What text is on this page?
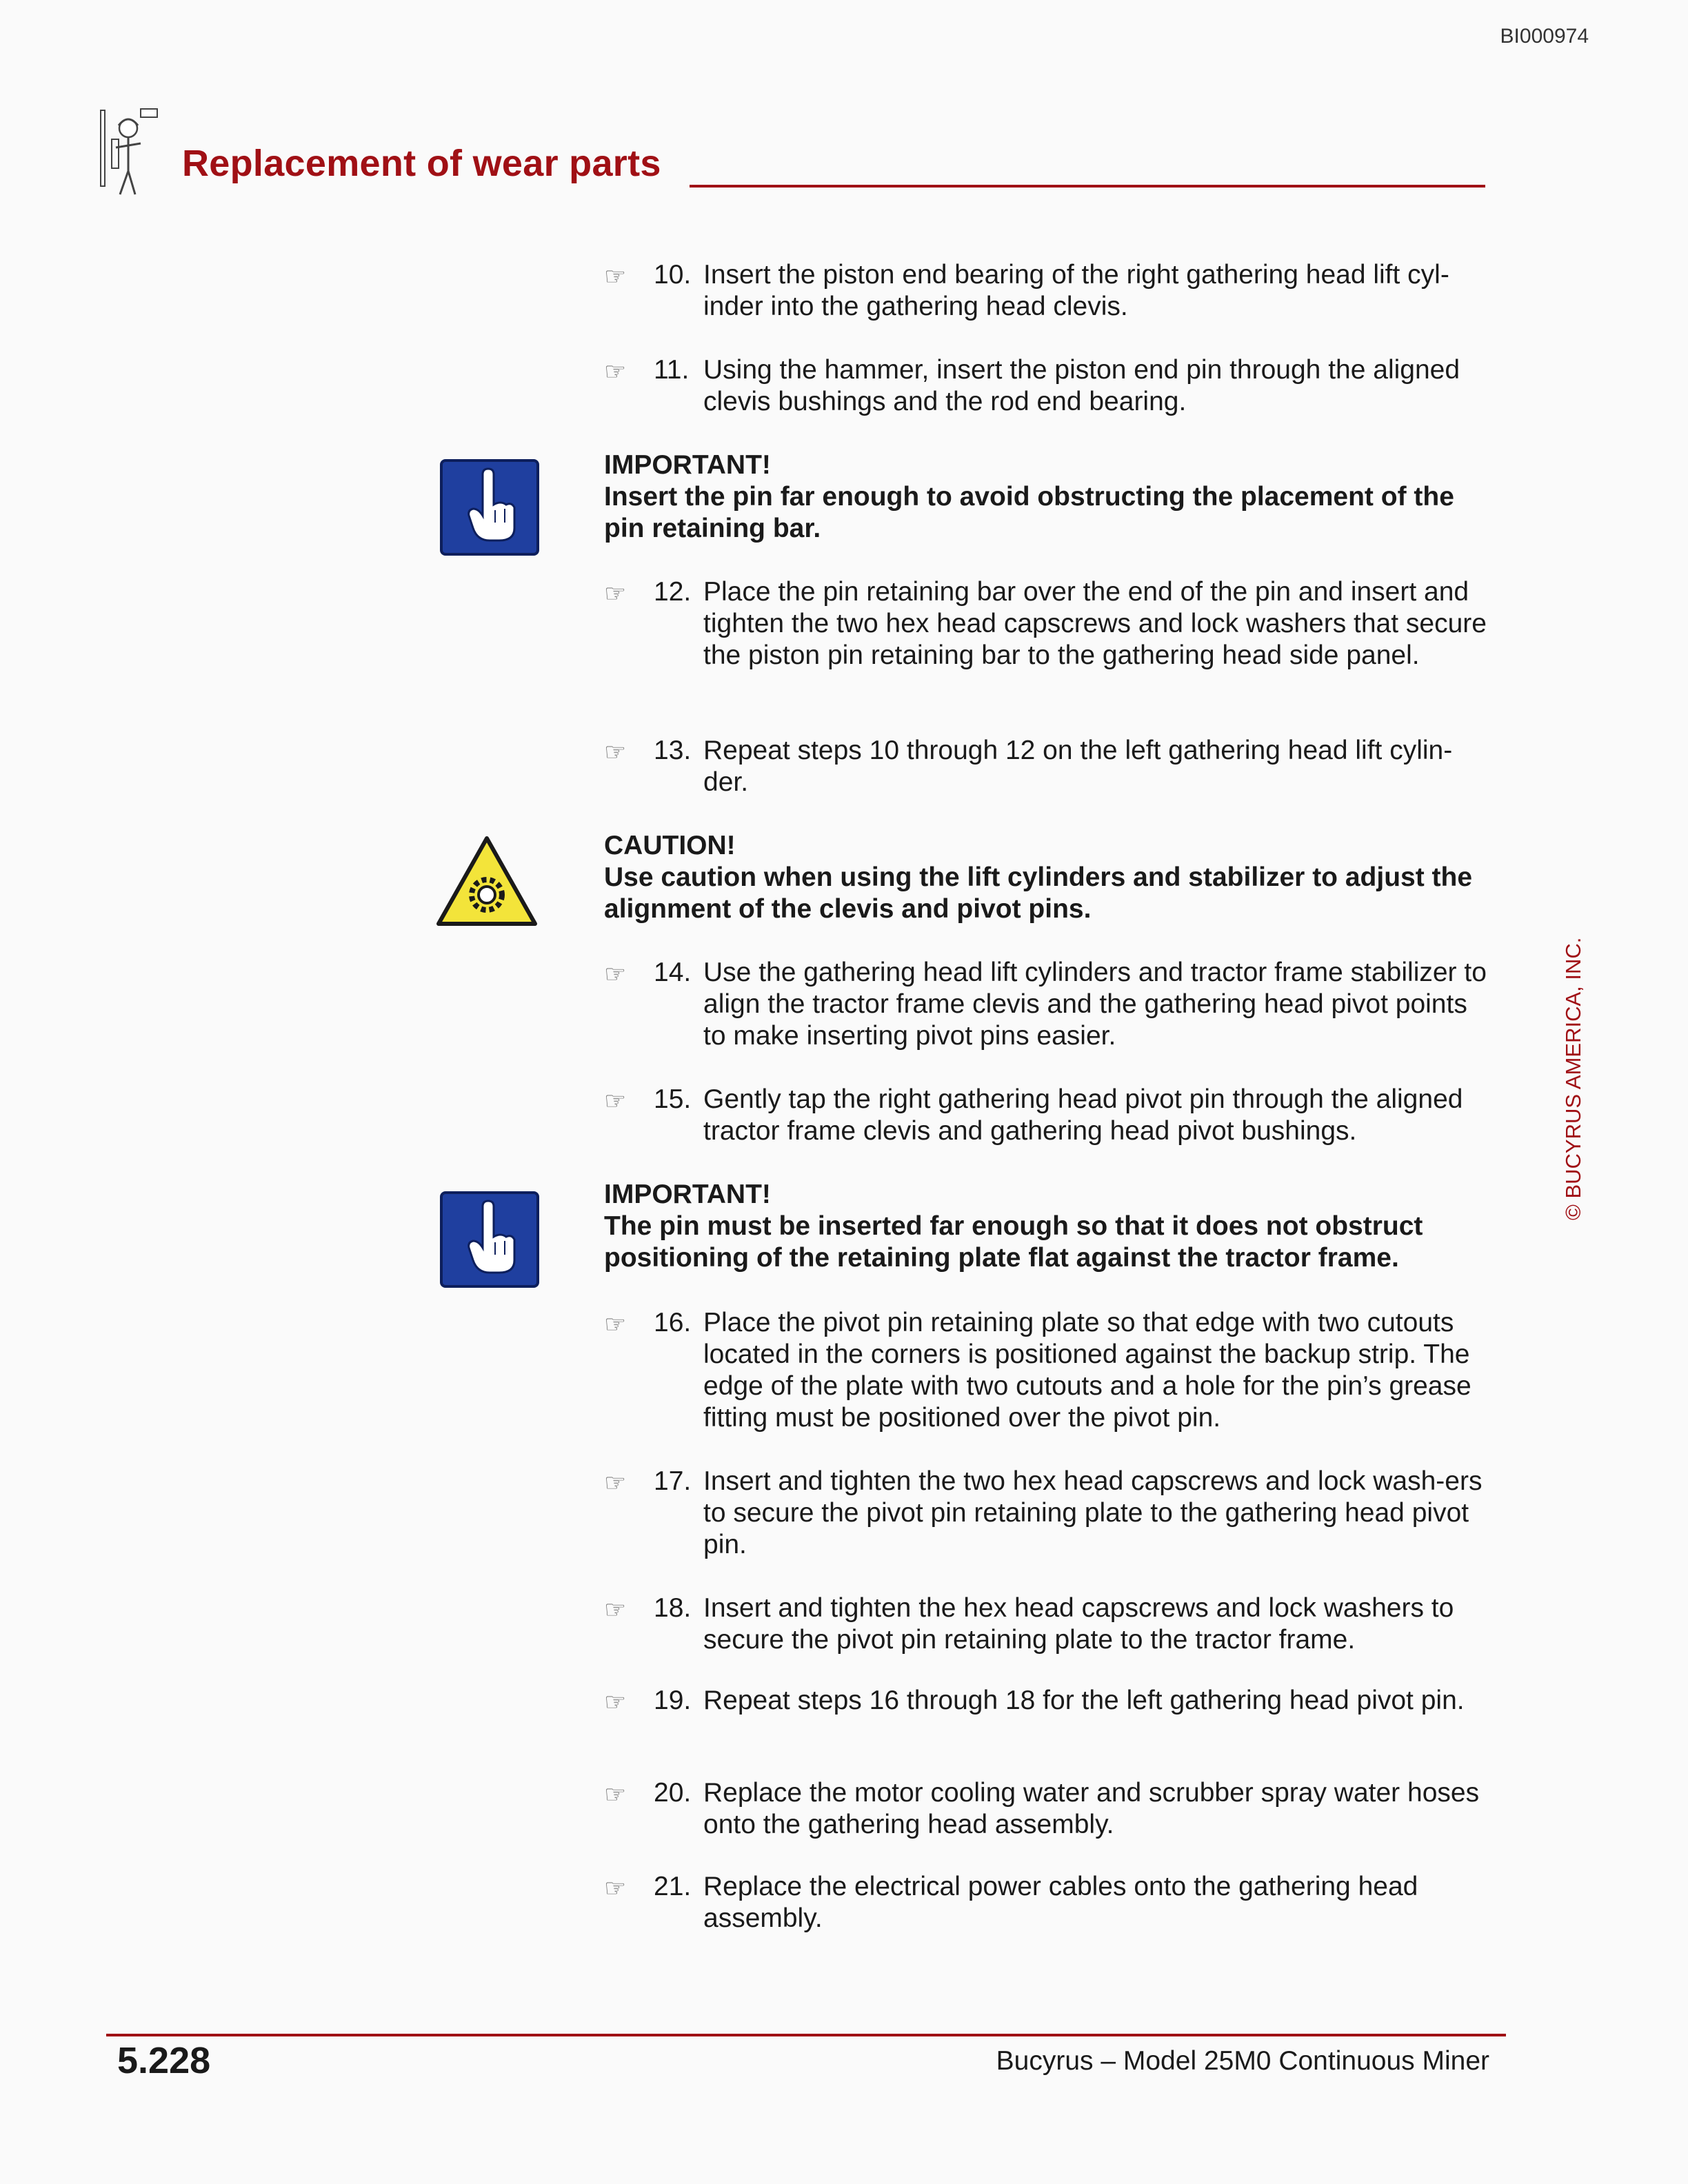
BI000974
Replacement of wear parts
☞ 10. Insert the piston end bearing of the right gathering head lift cyl-inder into the gathering head clevis.
☞ 11. Using the hammer, insert the piston end pin through the aligned clevis bushings and the rod end bearing.
IMPORTANT!
Insert the pin far enough to avoid obstructing the placement of the pin retaining bar.
☞ 12. Place the pin retaining bar over the end of the pin and insert and tighten the two hex head capscrews and lock washers that secure the piston pin retaining bar to the gathering head side panel.
☞ 13. Repeat steps 10 through 12 on the left gathering head lift cylin-der.
CAUTION!
Use caution when using the lift cylinders and stabilizer to adjust the alignment of the clevis and pivot pins.
☞ 14. Use the gathering head lift cylinders and tractor frame stabilizer to align the tractor frame clevis and the gathering head pivot points to make inserting pivot pins easier.
☞ 15. Gently tap the right gathering head pivot pin through the aligned tractor frame clevis and gathering head pivot bushings.
IMPORTANT!
The pin must be inserted far enough so that it does not obstruct positioning of the retaining plate flat against the tractor frame.
☞ 16. Place the pivot pin retaining plate so that edge with two cutouts located in the corners is positioned against the backup strip. The edge of the plate with two cutouts and a hole for the pin’s grease fitting must be positioned over the pivot pin.
☞ 17. Insert and tighten the two hex head capscrews and lock wash-ers to secure the pivot pin retaining plate to the gathering head pivot pin.
☞ 18. Insert and tighten the hex head capscrews and lock washers to secure the pivot pin retaining plate to the tractor frame.
☞ 19. Repeat steps 16 through 18 for the left gathering head pivot pin.
☞ 20. Replace the motor cooling water and scrubber spray water hoses onto the gathering head assembly.
☞ 21. Replace the electrical power cables onto the gathering head assembly.
© BUCYRUS AMERICA, INC.
5.228	Bucyrus – Model 25M0 Continuous Miner
